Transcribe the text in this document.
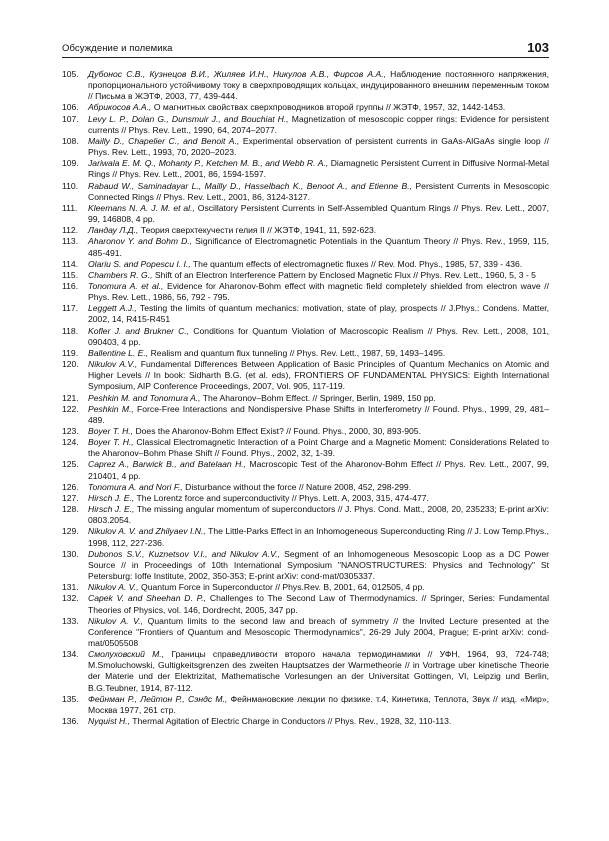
Обсуждение и полемика	103

105. Дубонос С.В., Кузнецов В.И., Жиляев И.Н., Никулов А.В., Фирсов А.А., Наблюдение постоянного напряжения, пропорционального устойчивому току в сверхпроводящих кольцах, индуцированного внешним переменным током // Письма в ЖЭТФ, 2003, 77, 439-444.

106. Абрикосов А.А., О магнитных свойствах сверхпроводников второй группы // ЖЭТФ, 1957, 32, 1442-1453.

107. Levy L. P., Dolan G., Dunsmuir J., and Bouchiat H., Magnetization of mesoscopic copper rings: Evidence for persistent currents // Phys. Rev. Lett., 1990, 64, 2074–2077.

108. Mailly D., Chapelier C., and Benoit A., Experimental observation of persistent currents in GaAs-AlGaAs single loop // Phys. Rev. Lett., 1993, 70, 2020–2023.

109. Jariwala E. M. Q., Mohanty P., Ketchen M. B., and Webb R. A., Diamagnetic Persistent Current in Diffusive Normal-Metal Rings // Phys. Rev. Lett., 2001, 86, 1594-1597.

110. Rabaud W., Saminadayar L., Mailly D., Hasselbach K., Benoot A., and Etienne B., Persistent Currents in Mesoscopic Connected Rings // Phys. Rev. Lett., 2001, 86, 3124-3127.

111. Kleemans N. A. J. M. et al., Oscillatory Persistent Currents in Self-Assembled Quantum Rings // Phys. Rev. Lett., 2007, 99, 146808, 4 pp.

112. Ландау Л.Д., Теория сверхтекучести гелия II // ЖЭТФ, 1941, 11, 592-623.

113. Aharonov Y. and Bohm D., Significance of Electromagnetic Potentials in the Quantum Theory // Phys. Rev., 1959, 115, 485-491.

114. Olariu S. and Popescu I. I., The quantum effects of electromagnetic fluxes // Rev. Mod. Phys., 1985, 57, 339 - 436.

115. Chambers R. G., Shift of an Electron Interference Pattern by Enclosed Magnetic Flux // Phys. Rev. Lett., 1960, 5, 3 - 5

116. Tonomura A. et al., Evidence for Aharonov-Bohm effect with magnetic field completely shielded from electron wave // Phys. Rev. Lett., 1986, 56, 792 - 795.

117. Leggett A.J., Testing the limits of quantum mechanics: motivation, state of play, prospects // J.Phys.: Condens. Matter, 2002, 14, R415-R451

118. Kofler J. and Brukner C., Conditions for Quantum Violation of Macroscopic Realism // Phys. Rev. Lett., 2008, 101, 090403, 4 pp.

119. Ballentine L. E., Realism and quantum flux tunneling // Phys. Rev. Lett., 1987, 59, 1493–1495.

120. Nikulov A.V., Fundamental Differences Between Application of Basic Principles of Quantum Mechanics on Atomic and Higher Levels // In book: Sidharth B.G. (et al. eds), FRONTIERS OF FUNDAMENTAL PHYSICS: Eighth International Symposium, AIP Conference Proceedings, 2007, Vol. 905, 117-119.

121. Peshkin M. and Tonomura A., The Aharonov–Bohm Effect. // Springer, Berlin, 1989, 150 pp.

122. Peshkin M., Force-Free Interactions and Nondispersive Phase Shifts in Interferometry // Found. Phys., 1999, 29, 481–489.

123. Boyer T. H., Does the Aharonov-Bohm Effect Exist? // Found. Phys., 2000, 30, 893-905.

124. Boyer T. H., Classical Electromagnetic Interaction of a Point Charge and a Magnetic Moment: Considerations Related to the Aharonov–Bohm Phase Shift // Found. Phys., 2002, 32, 1-39.

125. Caprez A., Barwick B., and Batelaan H., Macroscopic Test of the Aharonov-Bohm Effect // Phys. Rev. Lett., 2007, 99, 210401, 4 pp.

126. Tonomura A. and Nori F., Disturbance without the force // Nature 2008, 452, 298-299.

127. Hirsch J. E., The Lorentz force and superconductivity // Phys. Lett. A, 2003, 315, 474-477.

128. Hirsch J. E., The missing angular momentum of superconductors // J. Phys. Cond. Matt., 2008, 20, 235233; E-print arXiv: 0803.2054.

129. Nikulov A. V. and Zhilyaev I.N., The Little-Parks Effect in an Inhomogeneous Superconducting Ring // J. Low Temp.Phys., 1998, 112, 227-236.

130. Dubonos S.V., Kuznetsov V.I., and Nikulov A.V., Segment of an Inhomogeneous Mesoscopic Loop as a DC Power Source // in Proceedings of 10th International Symposium "NANOSTRUCTURES: Physics and Technology" St Petersburg: Ioffe Institute, 2002, 350-353; E-print arXiv: cond-mat/0305337.

131. Nikulov A. V., Quantum Force in Superconductor // Phys.Rev. B, 2001, 64, 012505, 4 pp.

132. Capek V. and Sheehan D. P., Challenges to The Second Law of Thermodynamics. // Springer, Series: Fundamental Theories of Physics, vol. 146, Dordrecht, 2005, 347 pp.

133. Nikulov A. V., Quantum limits to the second law and breach of symmetry // the Invited Lecture presented at the Conference "Frontiers of Quantum and Mesoscopic Thermodynamics", 26-29 July 2004, Prague; E-print arXiv: cond-mat/0505508

134. Смолуховский М., Границы справедливости второго начала термодинамики // УФН, 1964, 93, 724-748; M.Smoluchowski, Gultigkeitsgrenzen des zweiten Hauptsatzes der Warmetheorie // in Vortrage uber kinetische Theorie der Materie und der Elektrizitat, Mathematische Vorlesungen an der Universitat Gottingen, VI, Leipzig und Berlin, B.G.Teubner, 1914, 87-112.

135. Фейнман Р., Лейтон Р., Сэндс М., Фейнмановские лекции по физике. т.4, Кинетика, Теплота, Звук // изд. «Мир», Москва 1977, 261 стр.

136. Nyquist H., Thermal Agitation of Electric Charge in Conductors // Phys. Rev., 1928, 32, 110-113.
